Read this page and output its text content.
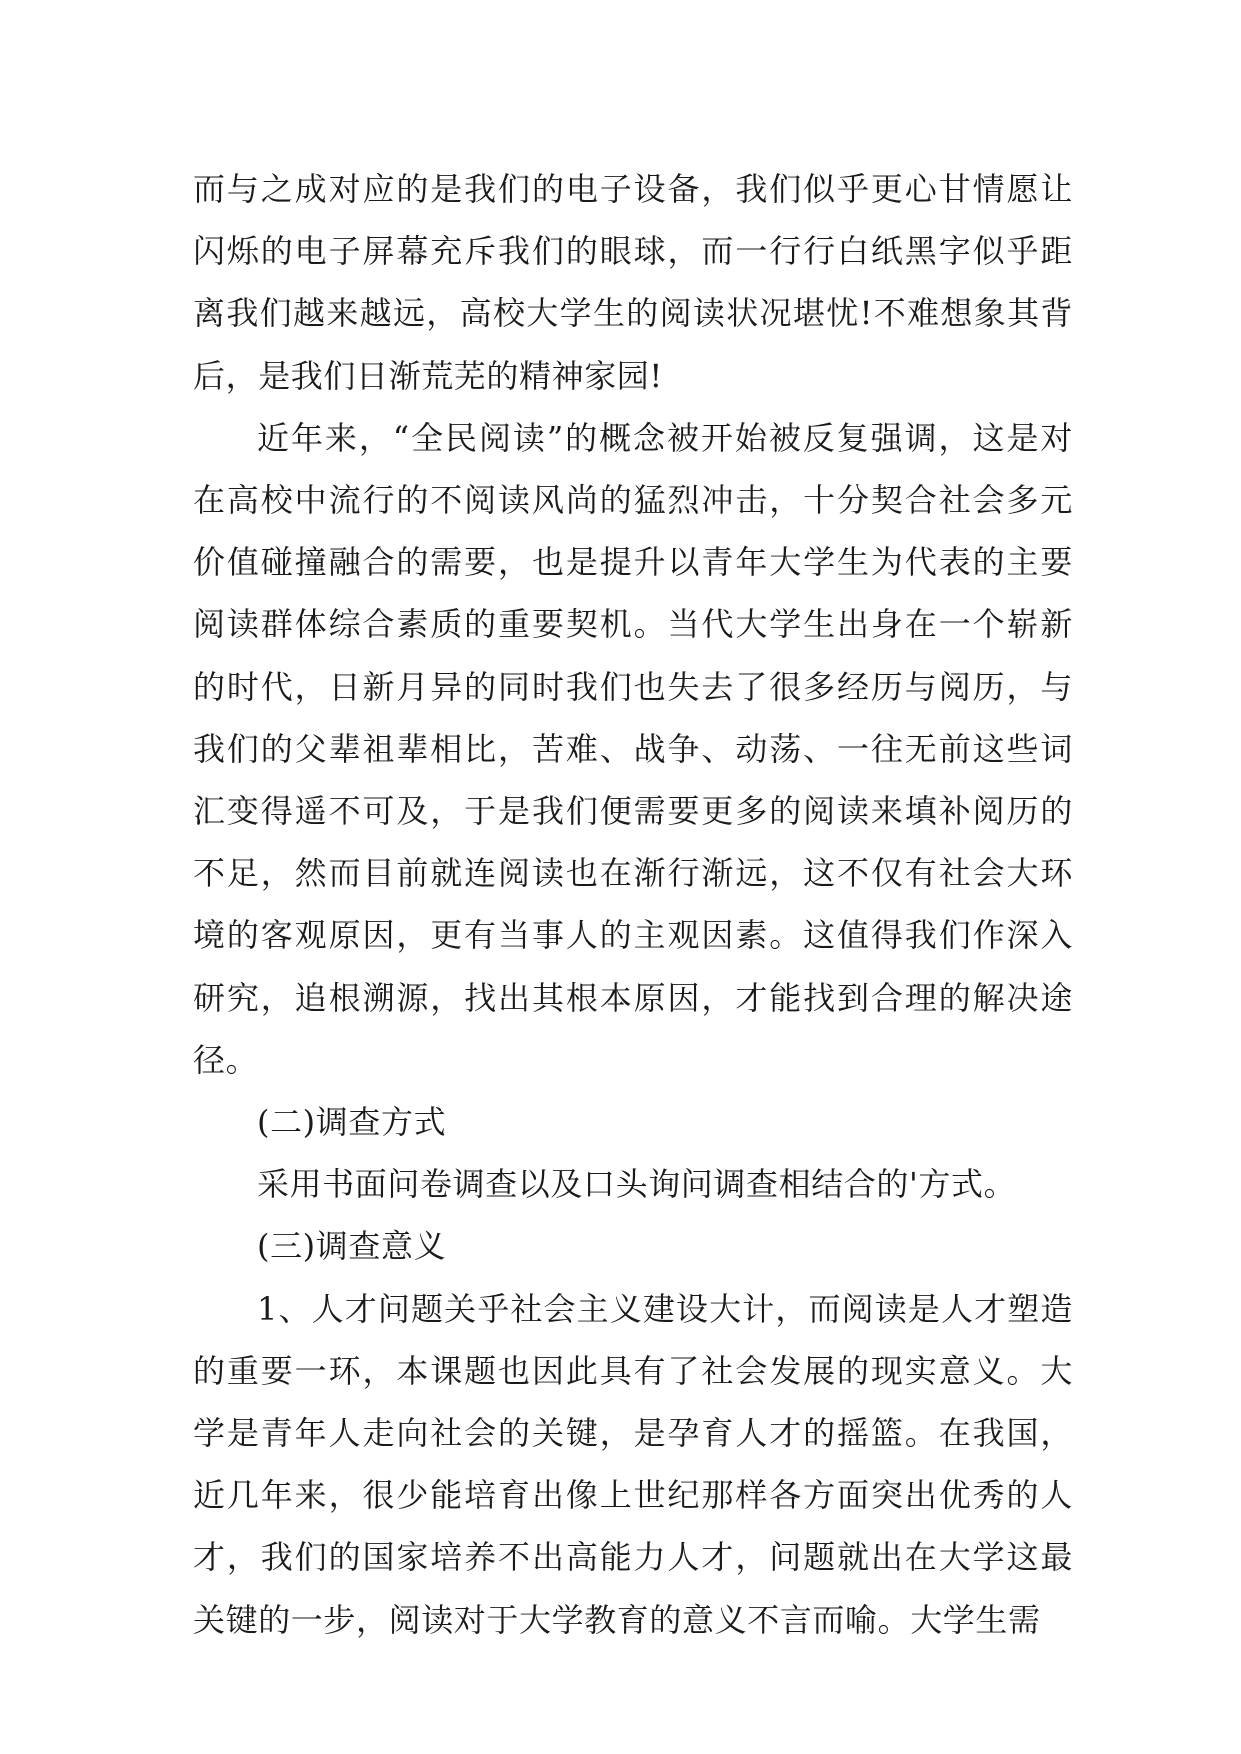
而与之成对应的是我们的电子设备，我们似乎更心甘情愿让闪烁的电子屏幕充斥我们的眼球，而一行行白纸黑字似乎距离我们越来越远，高校大学生的阅读状况堪忧!不难想象其背后，是我们日渐荒芜的精神家园!

近年来，“全民阅读”的概念被开始被反复强调，这是对在高校中流行的不阅读风尚的猛烈冲击，十分契合社会多元价值碰撞融合的需要，也是提升以青年大学生为代表的主要阅读群体综合素质的重要契机。当代大学生出身在一个崭新的时代，日新月异的同时我们也失去了很多经历与阅历，与我们的父辈祖辈相比，苦难、战争、动荡、一往无前这些词汇变得遥不可及，于是我们便需要更多的阅读来填补阅历的不足，然而目前就连阅读也在渐行渐远，这不仅有社会大环境的客观原因，更有当事人的主观因素。这值得我们作深入研究，追根溯源，找出其根本原因，才能找到合理的解决途径。

(二)调查方式

采用书面问卷调查以及口头询问调查相结合的'方式。

(三)调查意义

1、人才问题关乎社会主义建设大计，而阅读是人才塑造的重要一环，本课题也因此具有了社会发展的现实意义。大学是青年人走向社会的关键，是孕育人才的摇篮。在我国，近几年来，很少能培育出像上世纪那样各方面突出优秀的人才，我们的国家培养不出高能力人才，问题就出在大学这最关键的一步，阅读对于大学教育的意义不言而喻。大学生需
